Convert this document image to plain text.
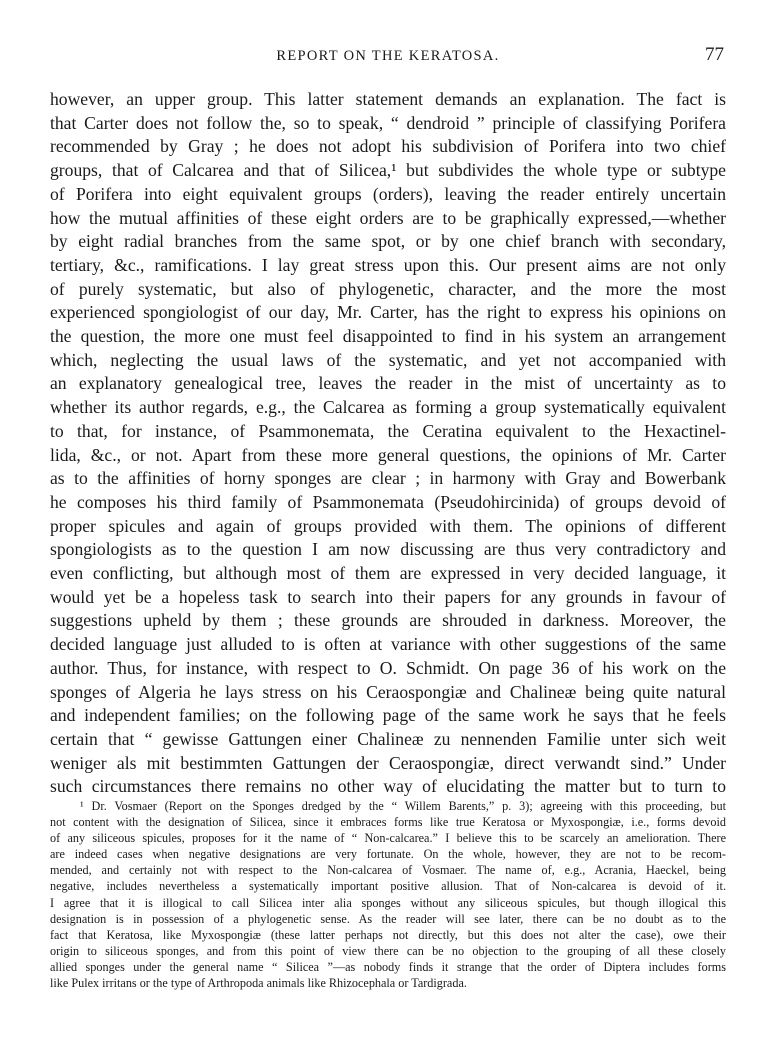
REPORT ON THE KERATOSA.	77

however, an upper group. This latter statement demands an explanation. The fact is

that Carter does not follow the, so to speak, “ dendroid ” principle of classifying Porifera

recommended by Gray ; he does not adopt his subdivision of Porifera into two chief

groups, that of Calcarea and that of Silicea,¹ but subdivides the whole type or subtype

of Porifera into eight equivalent groups (orders), leaving the reader entirely uncertain

how the mutual affinities of these eight orders are to be graphically expressed,—whether

by eight radial branches from the same spot, or by one chief branch with secondary,

tertiary, &c., ramifications. I lay great stress upon this. Our present aims are not only

of purely systematic, but also of phylogenetic, character, and the more the most

experienced spongiologist of our day, Mr. Carter, has the right to express his opinions on

the question, the more one must feel disappointed to find in his system an arrangement

which, neglecting the usual laws of the systematic, and yet not accompanied with

an explanatory genealogical tree, leaves the reader in the mist of uncertainty as to

whether its author regards, e.g., the Calcarea as forming a group systematically equivalent

to that, for instance, of Psammonemata, the Ceratina equivalent to the Hexactinel-

lida, &c., or not. Apart from these more general questions, the opinions of Mr. Carter

as to the affinities of horny sponges are clear ; in harmony with Gray and Bowerbank

he composes his third family of Psammonemata (Pseudohircinida) of groups devoid of

proper spicules and again of groups provided with them. The opinions of different

spongiologists as to the question I am now discussing are thus very contradictory and

even conflicting, but although most of them are expressed in very decided language, it

would yet be a hopeless task to search into their papers for any grounds in favour of

suggestions upheld by them ; these grounds are shrouded in darkness. Moreover, the

decided language just alluded to is often at variance with other suggestions of the same

author. Thus, for instance, with respect to O. Schmidt. On page 36 of his work on the

sponges of Algeria he lays stress on his Ceraospongiæ and Chalineæ being quite natural

and independent families; on the following page of the same work he says that he feels

certain that “ gewisse Gattungen einer Chalineæ zu nennenden Familie unter sich weit

weniger als mit bestimmten Gattungen der Ceraospongiæ, direct verwandt sind.” Under

such circumstances there remains no other way of elucidating the matter but to turn to

¹ Dr. Vosmaer (Report on the Sponges dredged by the “ Willem Barents,” p. 3); agreeing with this proceeding, but

not content with the designation of Silicea, since it embraces forms like true Keratosa or Myxospongiæ, i.e., forms devoid

of any siliceous spicules, proposes for it the name of “ Non-calcarea.” I believe this to be scarcely an amelioration. There

are indeed cases when negative designations are very fortunate. On the whole, however, they are not to be recom-

mended, and certainly not with respect to the Non-calcarea of Vosmaer. The name of, e.g., Acrania, Haeckel, being

negative, includes nevertheless a systematically important positive allusion. That of Non-calcarea is devoid of it.

I agree that it is illogical to call Silicea inter alia sponges without any siliceous spicules, but though illogical this

designation is in possession of a phylogenetic sense. As the reader will see later, there can be no doubt as to the

fact that Keratosa, like Myxospongiæ (these latter perhaps not directly, but this does not alter the case), owe their

origin to siliceous sponges, and from this point of view there can be no objection to the grouping of all these closely

allied sponges under the general name “ Silicea ”—as nobody finds it strange that the order of Diptera includes forms

like Pulex irritans or the type of Arthropoda animals like Rhizocephala or Tardigrada.
